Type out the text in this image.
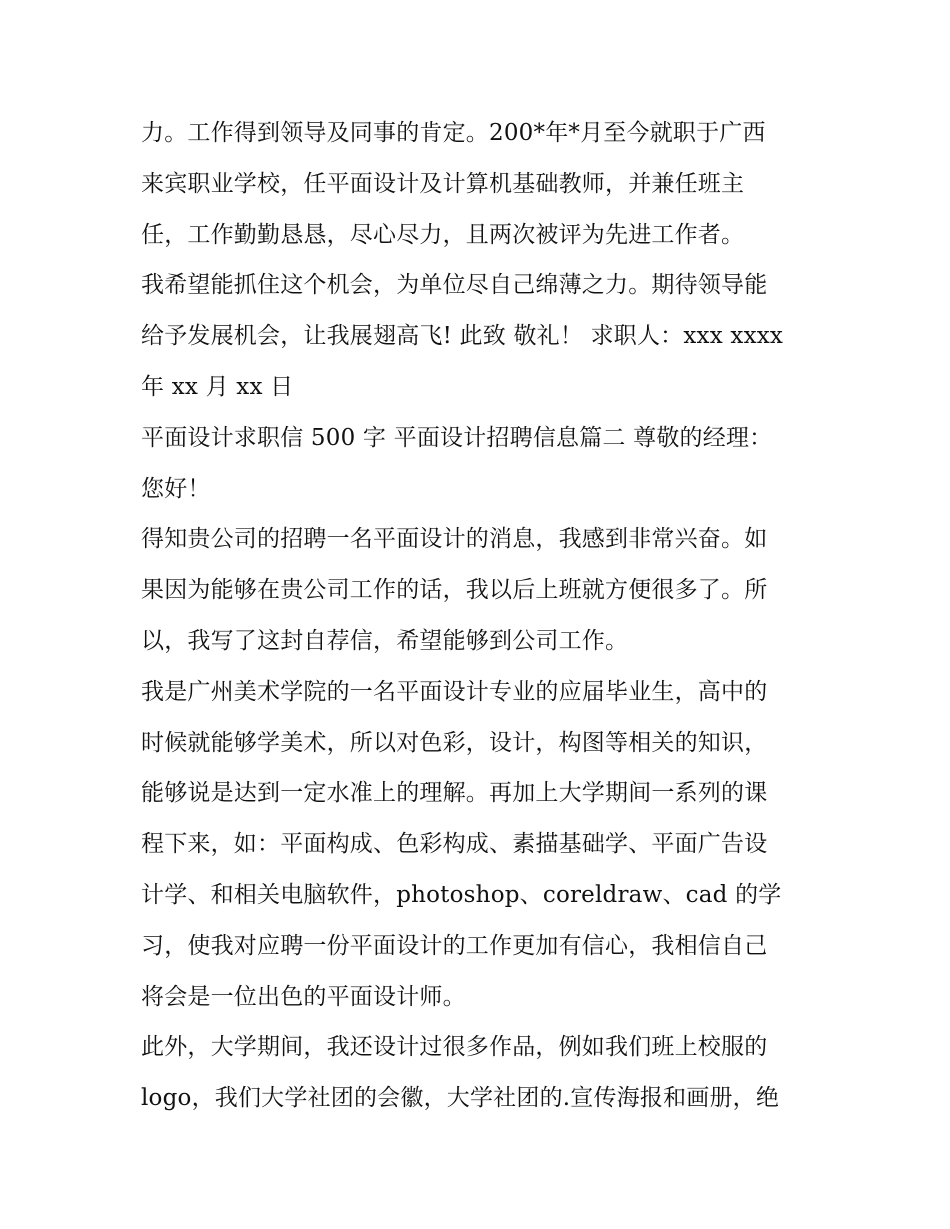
力。工作得到领导及同事的肯定。200*年*月至今就职于广西
来宾职业学校，任平面设计及计算机基础教师，并兼任班主
任，工作勤勤恳恳，尽心尽力，且两次被评为先进工作者。
我希望能抓住这个机会，为单位尽自己绵薄之力。期待领导能
给予发展机会，让我展翅高飞! 此致 敬礼！ 求职人：xxx xxxx
年 xx 月 xx 日
平面设计求职信 500 字 平面设计招聘信息篇二 尊敬的经理：
您好！
得知贵公司的招聘一名平面设计的消息，我感到非常兴奋。如
果因为能够在贵公司工作的话，我以后上班就方便很多了。所
以，我写了这封自荐信，希望能够到公司工作。
我是广州美术学院的一名平面设计专业的应届毕业生，高中的
时候就能够学美术，所以对色彩，设计，构图等相关的知识，
能够说是达到一定水准上的理解。再加上大学期间一系列的课
程下来，如：平面构成、色彩构成、素描基础学、平面广告设
计学、和相关电脑软件，photoshop、coreldraw、cad 的学
习，使我对应聘一份平面设计的工作更加有信心，我相信自己
将会是一位出色的平面设计师。
此外，大学期间，我还设计过很多作品，例如我们班上校服的
logo，我们大学社团的会徽，大学社团的.宣传海报和画册，绝
